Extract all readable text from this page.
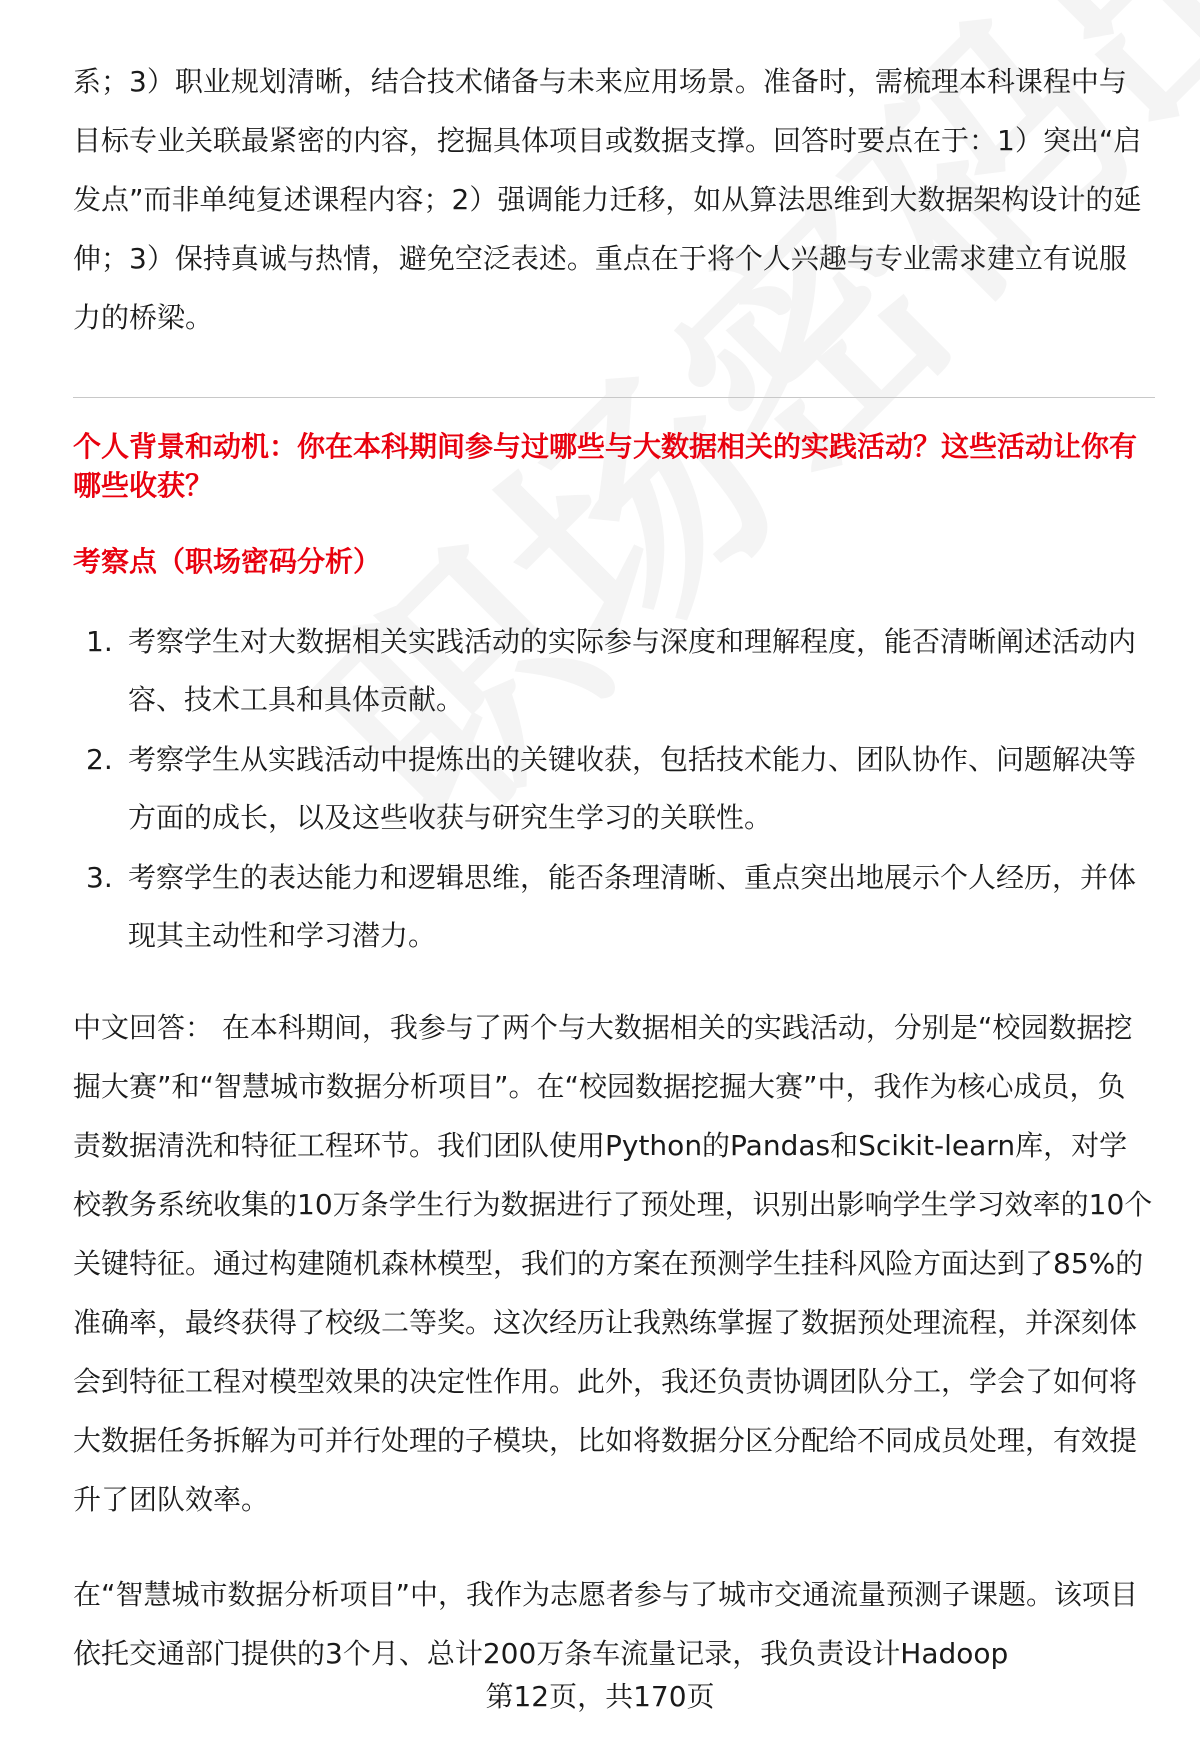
系；3）职业规划清晰，结合技术储备与未来应用场景。准备时，需梳理本科课程中与目标专业关联最紧密的内容，挖掘具体项目或数据支撑。回答时要点在于：1）突出“启发点”而非单纯复述课程内容；2）强调能力迁移，如从算法思维到大数据架构设计的延伸；3）保持真诚与热情，避免空泛表述。重点在于将个人兴趣与专业需求建立有说服力的桥梁。

个人背景和动机：你在本科期间参与过哪些与大数据相关的实践活动？这些活动让你有哪些收获？

考察点（职场密码分析）

1. 考察学生对大数据相关实践活动的实际参与深度和理解程度，能否清晰阐述活动内容、技术工具和具体贡献。
2. 考察学生从实践活动中提炼出的关键收获，包括技术能力、团队协作、问题解决等方面的成长，以及这些收获与研究生学习的关联性。
3. 考察学生的表达能力和逻辑思维，能否条理清晰、重点突出地展示个人经历，并体现其主动性和学习潜力。

中文回答： 在本科期间，我参与了两个与大数据相关的实践活动，分别是“校园数据挖掘大赛”和“智慧城市数据分析项目”。在“校园数据挖掘大赛”中，我作为核心成员，负责数据清洗和特征工程环节。我们团队使用Python的Pandas和Scikit-learn库，对学校教务系统收集的10万条学生行为数据进行了预处理，识别出影响学生学习效率的10个关键特征。通过构建随机森林模型，我们的方案在预测学生挂科风险方面达到了85%的准确率，最终获得了校级二等奖。这次经历让我熟练掌握了数据预处理流程，并深刻体会到特征工程对模型效果的决定性作用。此外，我还负责协调团队分工，学会了如何将大数据任务拆解为可并行处理的子模块，比如将数据分区分配给不同成员处理，有效提升了团队效率。

在“智慧城市数据分析项目”中，我作为志愿者参与了城市交通流量预测子课题。该项目依托交通部门提供的3个月、总计200万条车流量记录，我负责设计Hadoop

第12页，共170页
